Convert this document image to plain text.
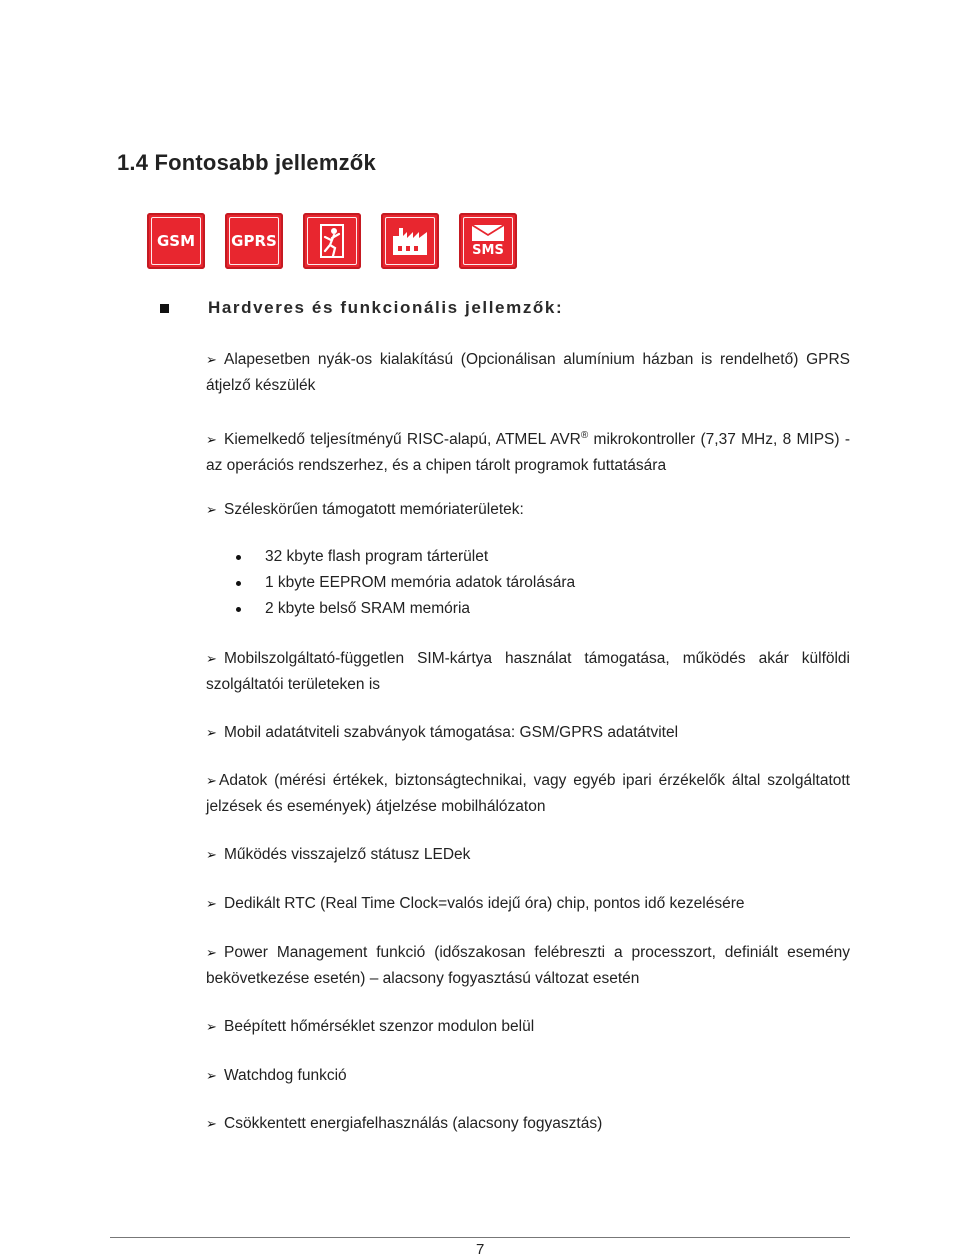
1.4 Fontosabb jellemzők
GSM GPRS
SMS
Hardveres és funkcionális jellemzők:
➢ Alapesetben nyák-os kialakítású (Opcionálisan alumínium házban is rendelhető) GPRS átjelző készülék
➢ Kiemelkedő teljesítményű RISC-alapú, ATMEL AVR® mikrokontroller (7,37 MHz, 8 MIPS) - az operációs rendszerhez, és a chipen tárolt programok futtatására
➢ Széleskörűen támogatott memóriaterületek:
32 kbyte flash program tárterület
1 kbyte EEPROM memória adatok tárolására
2 kbyte belső SRAM memória
➢ Mobilszolgáltató-független SIM-kártya használat támogatása, működés akár külföldi szolgáltatói területeken is
➢ Mobil adatátviteli szabványok támogatása: GSM/GPRS adatátvitel
➢ Adatok (mérési értékek, biztonságtechnikai, vagy egyéb ipari érzékelők által szolgáltatott jelzések és események) átjelzése mobilhálózaton
➢ Működés visszajelző státusz LEDek
➢ Dedikált RTC (Real Time Clock=valós idejű óra) chip, pontos idő kezelésére
➢ Power Management funkció (időszakosan felébreszti a processzort, definiált esemény bekövetkezése esetén) – alacsony fogyasztású változat esetén
➢ Beépített hőmérséklet szenzor modulon belül
➢ Watchdog funkció
➢ Csökkentett energiafelhasználás (alacsony fogyasztás)
7
